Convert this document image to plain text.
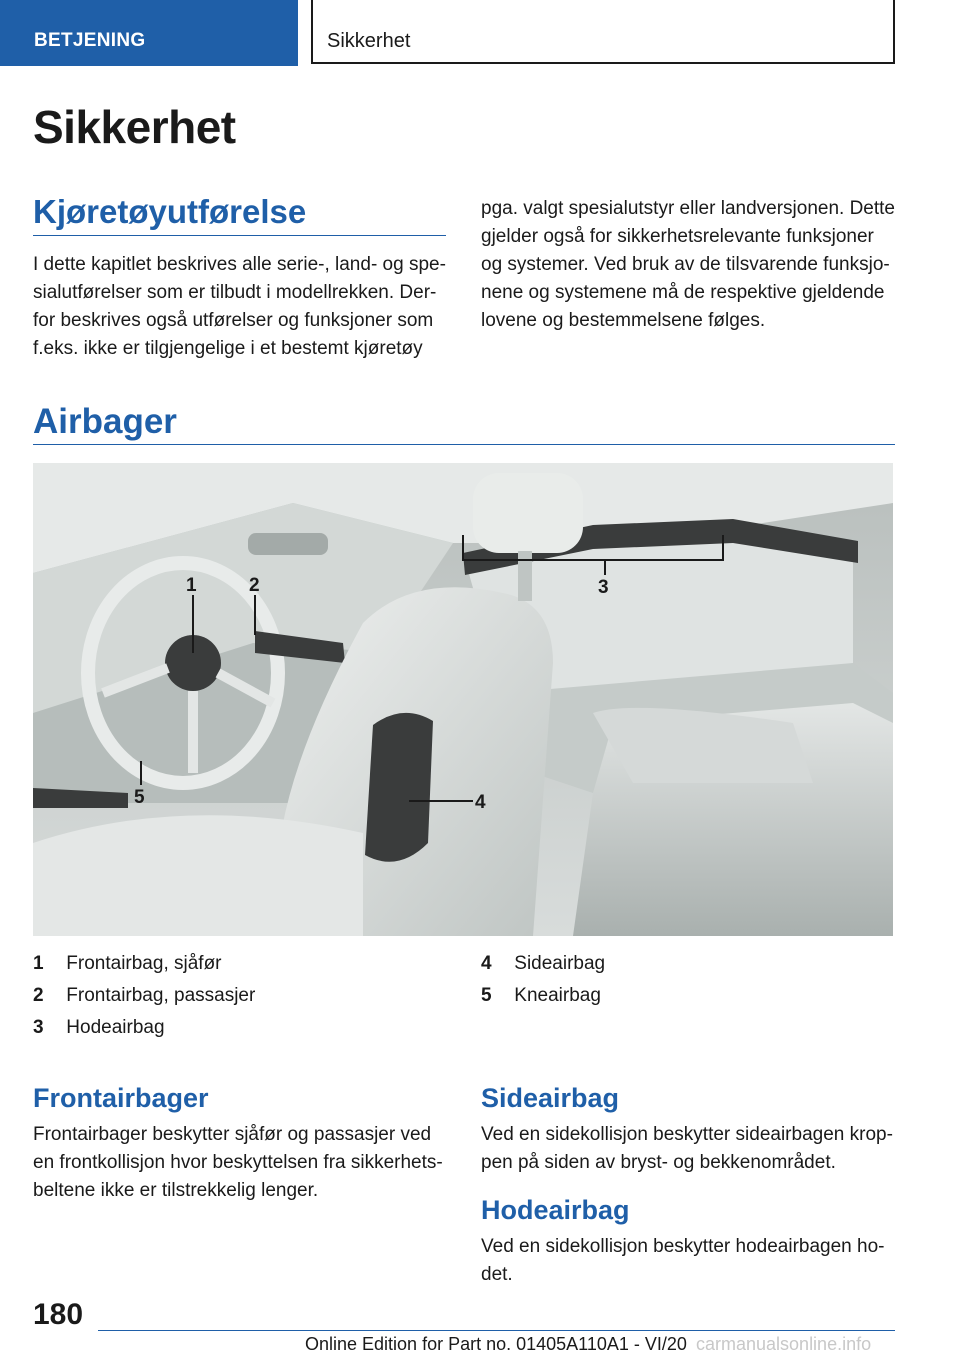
BETJENING	Sikkerhet
Sikkerhet
Kjøretøyutførelse
I dette kapitlet beskrives alle serie-, land- og spe-
sialutførelser som er tilbudt i modellrekken. Der-
for beskrives også utførelser og funksjoner som
f.eks. ikke er tilgjengelige i et bestemt kjøretøy
pga. valgt spesialutstyr eller landversjonen. Dette
gjelder også for sikkerhetsrelevante funksjoner
og systemer. Ved bruk av de tilsvarende funksjo-
nene og systemene må de respektive gjeldende
lovene og bestemmelsene følges.
Airbager
1	2	3
4
5
1 Frontairbag, sjåfør
2 Frontairbag, passasjer
3 Hodeairbag
4 Sideairbag
5 Kneairbag
Frontairbager
Frontairbager beskytter sjåfør og passasjer ved
en frontkollisjon hvor beskyttelsen fra sikkerhets-
beltene ikke er tilstrekkelig lenger.
Sideairbag
Ved en sidekollisjon beskytter sideairbagen krop-
pen på siden av bryst- og bekkenområdet.
Hodeairbag
Ved en sidekollisjon beskytter hodeairbagen ho-
det.
180
Online Edition for Part no. 01405A110A1 - VI/20 carmanualsonline.info
